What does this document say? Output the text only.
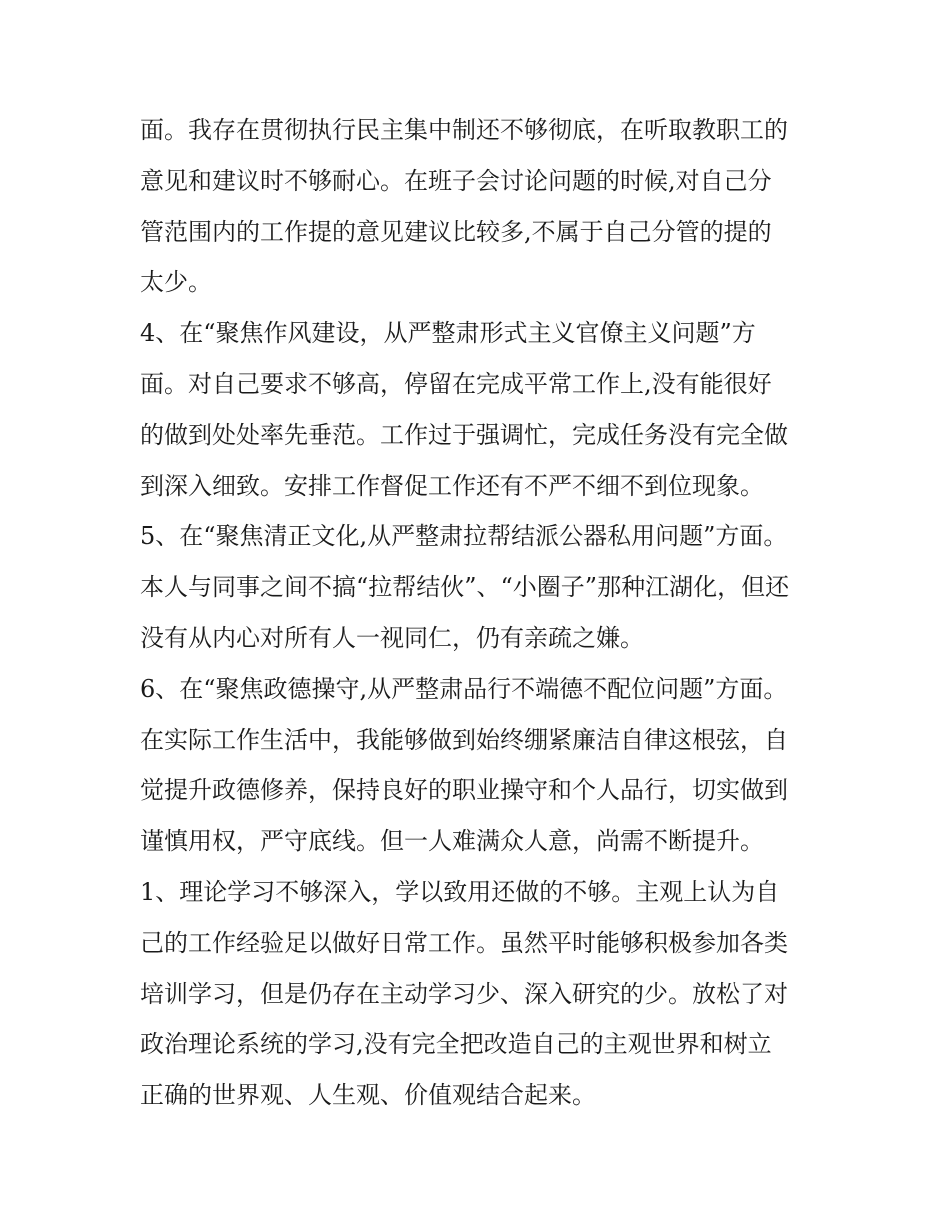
面。我存在贯彻执行民主集中制还不够彻底，在听取教职工的
意见和建议时不够耐心。在班子会讨论问题的时候,对自己分
管范围内的工作提的意见建议比较多,不属于自己分管的提的
太少。
4、在“聚焦作风建设，从严整肃形式主义官僚主义问题”方
面。对自己要求不够高，停留在完成平常工作上,没有能很好
的做到处处率先垂范。工作过于强调忙，完成任务没有完全做
到深入细致。安排工作督促工作还有不严不细不到位现象。
5、在“聚焦清正文化,从严整肃拉帮结派公器私用问题”方面。
本人与同事之间不搞“拉帮结伙”、“小圈子”那种江湖化，但还
没有从内心对所有人一视同仁，仍有亲疏之嫌。
6、在“聚焦政德操守,从严整肃品行不端德不配位问题”方面。
在实际工作生活中，我能够做到始终绷紧廉洁自律这根弦，自
觉提升政德修养，保持良好的职业操守和个人品行，切实做到
谨慎用权，严守底线。但一人难满众人意，尚需不断提升。
1、理论学习不够深入，学以致用还做的不够。主观上认为自
己的工作经验足以做好日常工作。虽然平时能够积极参加各类
培训学习，但是仍存在主动学习少、深入研究的少。放松了对
政治理论系统的学习,没有完全把改造自己的主观世界和树立
正确的世界观、人生观、价值观结合起来。
